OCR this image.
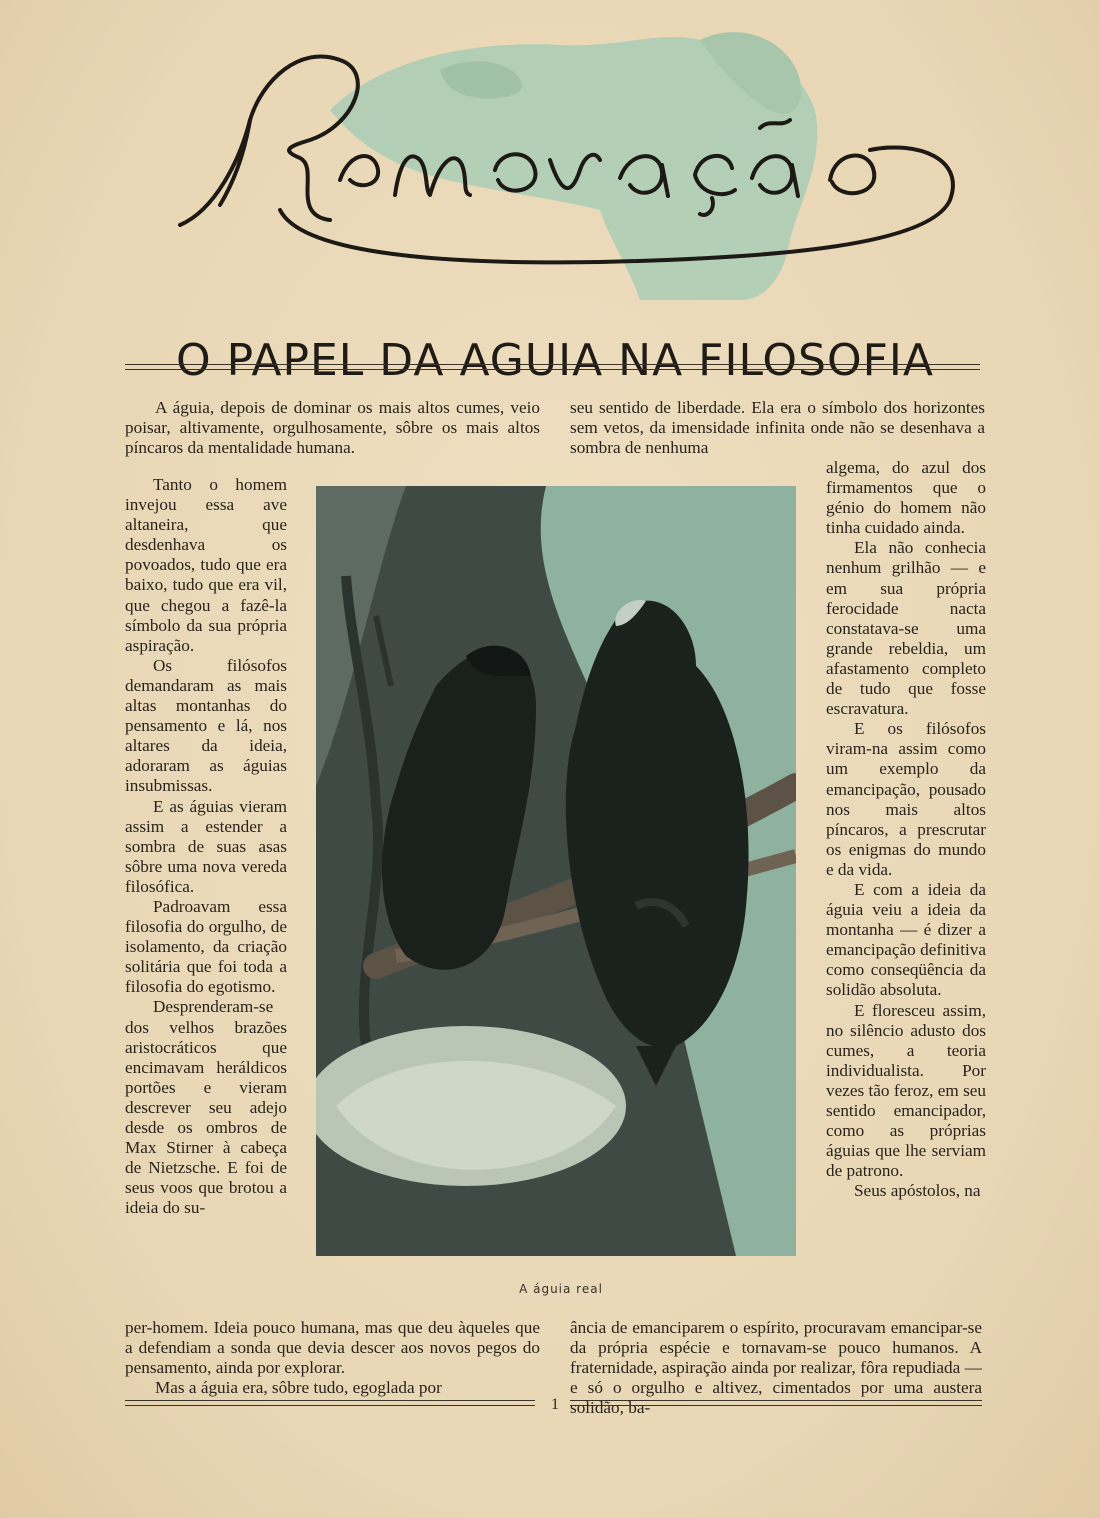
O PAPEL DA AGUIA NA FILOSOFIA

A águia, depois de dominar os mais altos cumes, veio poisar, altivamente, orgulhosamente, sôbre os mais altos píncaros da mentalidade humana.

seu sentido de liberdade. Ela era o símbolo dos horizontes sem vetos, da imensidade infinita onde não se desenhava a sombra de nenhuma

Tanto o homem invejou essa ave altaneira, que desdenhava os povoados, tudo que era baixo, tudo que era vil, que chegou a fazê-la símbolo da sua própria aspiração.

Os filósofos demandaram as mais altas montanhas do pensamento e lá, nos altares da ideia, adoraram as águias insubmissas.

E as águias vieram assim a estender a sombra de suas asas sôbre uma nova vereda filosófica.

Padroavam essa filosofia do orgulho, de isolamento, da criação solitária que foi toda a filosofia do egotismo.

Desprenderam-se dos velhos brazões aristocráticos que encimavam heráldicos portões e vieram descrever seu adejo desde os ombros de Max Stirner à cabeça de Nietzsche. E foi de seus voos que brotou a ideia do su-

A águia real

algema, do azul dos firmamentos que o génio do homem não tinha cuidado ainda.

Ela não conhecia nenhum grilhão — e em sua própria ferocidade nacta constatava-se uma grande rebeldia, um afastamento completo de tudo que fosse escravatura.

E os filósofos viram-na assim como um exemplo da emancipação, pousado nos mais altos píncaros, a prescrutar os enigmas do mundo e da vida.

E com a ideia da águia veiu a ideia da montanha — é dizer a emancipação definitiva como conseqüência da solidão absoluta.

E floresceu assim, no silêncio adusto dos cumes, a teoria individualista. Por vezes tão feroz, em seu sentido emancipador, como as próprias águias que lhe serviam de patrono.

Seus apóstolos, na

per-homem. Ideia pouco humana, mas que deu àqueles que a defendiam a sonda que devia descer aos novos pegos do pensamento, ainda por explorar.

Mas a águia era, sôbre tudo, egoglada por

ância de emanciparem o espírito, procuravam emancipar-se da própria espécie e tornavam-se pouco humanos. A fraternidade, aspiração ainda por realizar, fôra repudiada — e só o orgulho e altivez, cimentados por uma austera solidão, ba-

1
